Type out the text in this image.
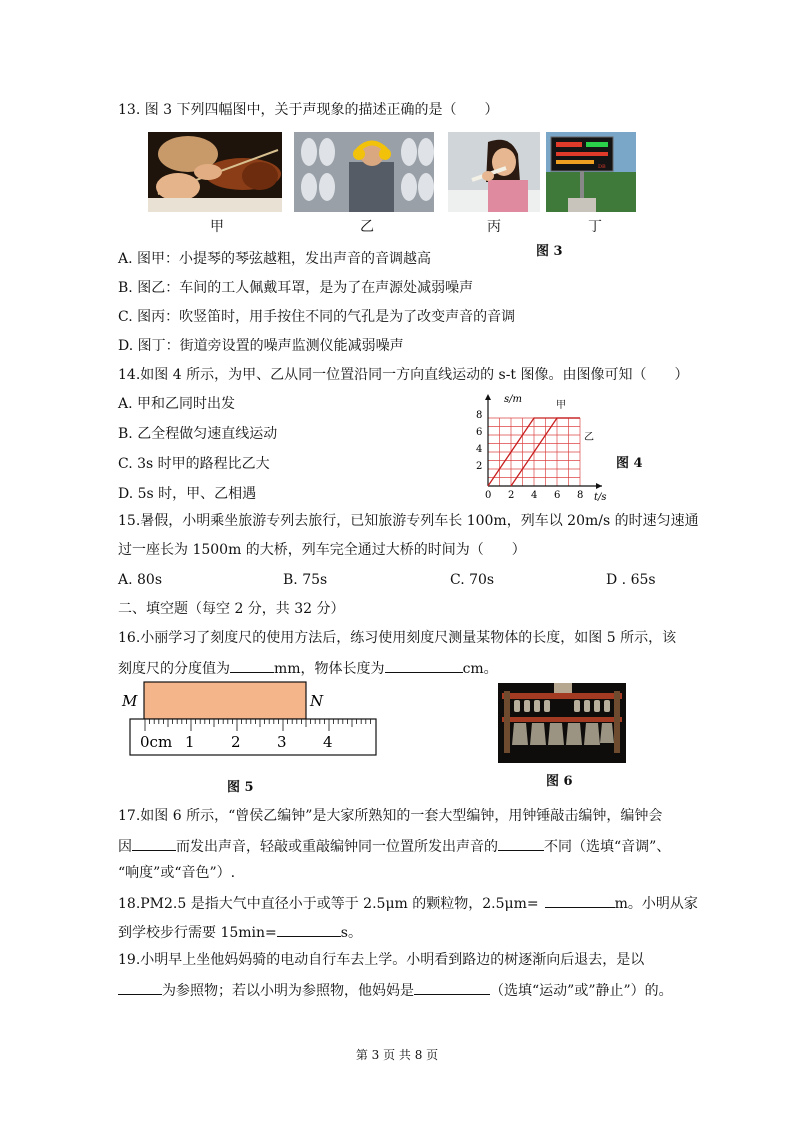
13. 图 3 下列四幅图中，关于声现象的描述正确的是（　　）
DB
甲	乙	丙	丁
图 3
A. 图甲：小提琴的琴弦越粗，发出声音的音调越高
B. 图乙：车间的工人佩戴耳罩，是为了在声源处减弱噪声
C. 图丙：吹竖笛时，用手按住不同的气孔是为了改变声音的音调
D. 图丁：街道旁设置的噪声监测仪能减弱噪声
14.如图 4 所示，为甲、乙从同一位置沿同一方向直线运动的 s-t 图像。由图像可知（　　）
A. 甲和乙同时出发
B. 乙全程做匀速直线运动
C. 3s 时甲的路程比乙大
D. 5s 时，甲、乙相遇
s/m
t/s
2
4
6
8
0 2 4 6 8
甲
乙
图 4
15.暑假，小明乘坐旅游专列去旅行，已知旅游专列车长 100m，列车以 20m/s 的时速匀速通
过一座长为 1500m 的大桥，列车完全通过大桥的时间为（　　）
A. 80s	B. 75s	C. 70s	D . 65s
二、填空题（每空 2 分，共 32 分）
16.小丽学习了刻度尺的使用方法后，练习使用刻度尺测量某物体的长度，如图 5 所示，该
刻度尺的分度值为	mm，物体长度为	cm。
M	N
0cm 1 2 3 4
图 5	图 6
17.如图 6 所示，“曾侯乙编钟”是大家所熟知的一套大型编钟，用钟锤敲击编钟，编钟会
因	而发出声音，轻敲或重敲编钟同一位置所发出声音的	不同（选填“音调”、
“响度”或“音色”）.
18.PM2.5 是指大气中直径小于或等于 2.5μm 的颗粒物，2.5μm=	m。小明从家
到学校步行需要 15min=	s。
19.小明早上坐他妈妈骑的电动自行车去上学。小明看到路边的树逐渐向后退去，是以
为参照物；若以小明为参照物，他妈妈是	（选填“运动”或”静止”）的。
第 3 页 共 8 页
